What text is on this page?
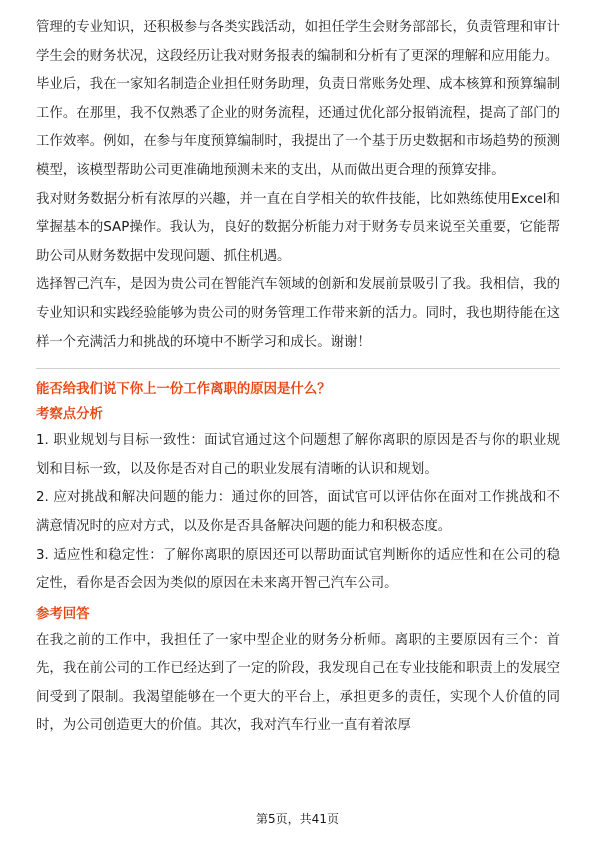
管理的专业知识，还积极参与各类实践活动，如担任学生会财务部部长，负责管理和审计学生会的财务状况，这段经历让我对财务报表的编制和分析有了更深的理解和应用能力。

毕业后，我在一家知名制造企业担任财务助理，负责日常账务处理、成本核算和预算编制工作。在那里，我不仅熟悉了企业的财务流程，还通过优化部分报销流程，提高了部门的工作效率。例如，在参与年度预算编制时，我提出了一个基于历史数据和市场趋势的预测模型，该模型帮助公司更准确地预测未来的支出，从而做出更合理的预算安排。

我对财务数据分析有浓厚的兴趣，并一直在自学相关的软件技能，比如熟练使用Excel和掌握基本的SAP操作。我认为，良好的数据分析能力对于财务专员来说至关重要，它能帮助公司从财务数据中发现问题、抓住机遇。

选择智己汽车，是因为贵公司在智能汽车领域的创新和发展前景吸引了我。我相信，我的专业知识和实践经验能够为贵公司的财务管理工作带来新的活力。同时，我也期待能在这样一个充满活力和挑战的环境中不断学习和成长。谢谢！

能否给我们说下你上一份工作离职的原因是什么？

考察点分析

1. 职业规划与目标一致性：面试官通过这个问题想了解你离职的原因是否与你的职业规划和目标一致，以及你是否对自己的职业发展有清晰的认识和规划。

2. 应对挑战和解决问题的能力：通过你的回答，面试官可以评估你在面对工作挑战和不满意情况时的应对方式，以及你是否具备解决问题的能力和积极态度。

3. 适应性和稳定性：了解你离职的原因还可以帮助面试官判断你的适应性和在公司的稳定性，看你是否会因为类似的原因在未来离开智己汽车公司。

参考回答

在我之前的工作中，我担任了一家中型企业的财务分析师。离职的主要原因有三个：首先，我在前公司的工作已经达到了一定的阶段，我发现自己在专业技能和职责上的发展空间受到了限制。我渴望能够在一个更大的平台上，承担更多的责任，实现个人价值的同时，为公司创造更大的价值。其次，我对汽车行业一直有着浓厚

第5页，共41页
